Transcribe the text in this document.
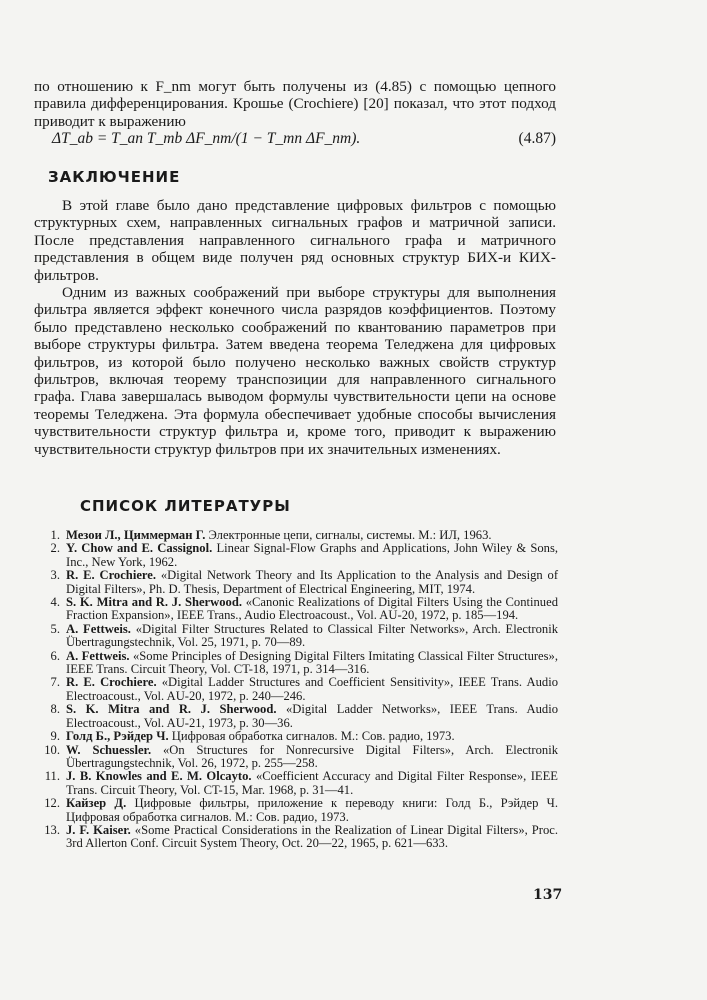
по отношению к F_nm могут быть получены из (4.85) с помощью цепного правила дифференцирования. Крошье (Crochiere) [20] показал, что этот подход приводит к выражению

ΔT_ab = T_an T_mb ΔF_nm/(1 − T_mn ΔF_nm).	(4.87)
ЗАКЛЮЧЕНИЕ

В этой главе было дано представление цифровых фильтров с помощью структурных схем, направленных сигнальных графов и матричной записи. После представления направленного сигнального графа и матричного представления в общем виде получен ряд основных структур БИХ-и КИХ-фильтров.

Одним из важных соображений при выборе структуры для выполнения фильтра является эффект конечного числа разрядов коэффициентов. Поэтому было представлено несколько соображений по квантованию параметров при выборе структуры фильтра. Затем введена теорема Теледжена для цифровых фильтров, из которой было получено несколько важных свойств структур фильтров, включая теорему транспозиции для направленного сигнального графа. Глава завершалась выводом формулы чувствительности цепи на основе теоремы Теледжена. Эта формула обеспечивает удобные способы вычисления чувствительности структур фильтра и, кроме того, приводит к выражению чувствительности структур фильтров при их значительных изменениях.

СПИСОК ЛИТЕРАТУРЫ
1. Мезои Л., Циммерман Г. Электронные цепи, сигналы, системы. М.: ИЛ, 1963.
2. Y. Chow and E. Cassignol. Linear Signal-Flow Graphs and Applications, John Wiley & Sons, Inc., New York, 1962.
3. R. E. Crochiere. «Digital Network Theory and Its Application to the Analysis and Design of Digital Filters», Ph. D. Thesis, Department of Electrical Engineering, MIT, 1974.
4. S. K. Mitra and R. J. Sherwood. «Canonic Realizations of Digital Filters Using the Continued Fraction Expansion», IEEE Trans., Audio Electroacoust., Vol. AU-20, 1972, p. 185—194.
5. A. Fettweis. «Digital Filter Structures Related to Classical Filter Networks», Arch. Electronik Übertragungstechnik, Vol. 25, 1971, p. 70—89.
6. A. Fettweis. «Some Principles of Designing Digital Filters Imitating Classical Filter Structures», IEEE Trans. Circuit Theory, Vol. CT-18, 1971, p. 314—316.
7. R. E. Crochiere. «Digital Ladder Structures and Coefficient Sensitivity», IEEE Trans. Audio Electroacoust., Vol. AU-20, 1972, p. 240—246.
8. S. K. Mitra and R. J. Sherwood. «Digital Ladder Networks», IEEE Trans. Audio Electroacoust., Vol. AU-21, 1973, p. 30—36.
9. Голд Б., Рэйдер Ч. Цифровая обработка сигналов. М.: Сов. радио, 1973.
10. W. Schuessler. «On Structures for Nonrecursive Digital Filters», Arch. Electronik Übertragungstechnik, Vol. 26, 1972, p. 255—258.
11. J. B. Knowles and E. M. Olcayto. «Coefficient Accuracy and Digital Filter Response», IEEE Trans. Circuit Theory, Vol. CT-15, Mar. 1968, p. 31—41.
12. Кайзер Д. Цифровые фильтры, приложение к переводу книги: Голд Б., Рэйдер Ч. Цифровая обработка сигналов. М.: Сов. радио, 1973.
13. J. F. Kaiser. «Some Practical Considerations in the Realization of Linear Digital Filters», Proc. 3rd Allerton Conf. Circuit System Theory, Oct. 20—22, 1965, p. 621—633.
137
